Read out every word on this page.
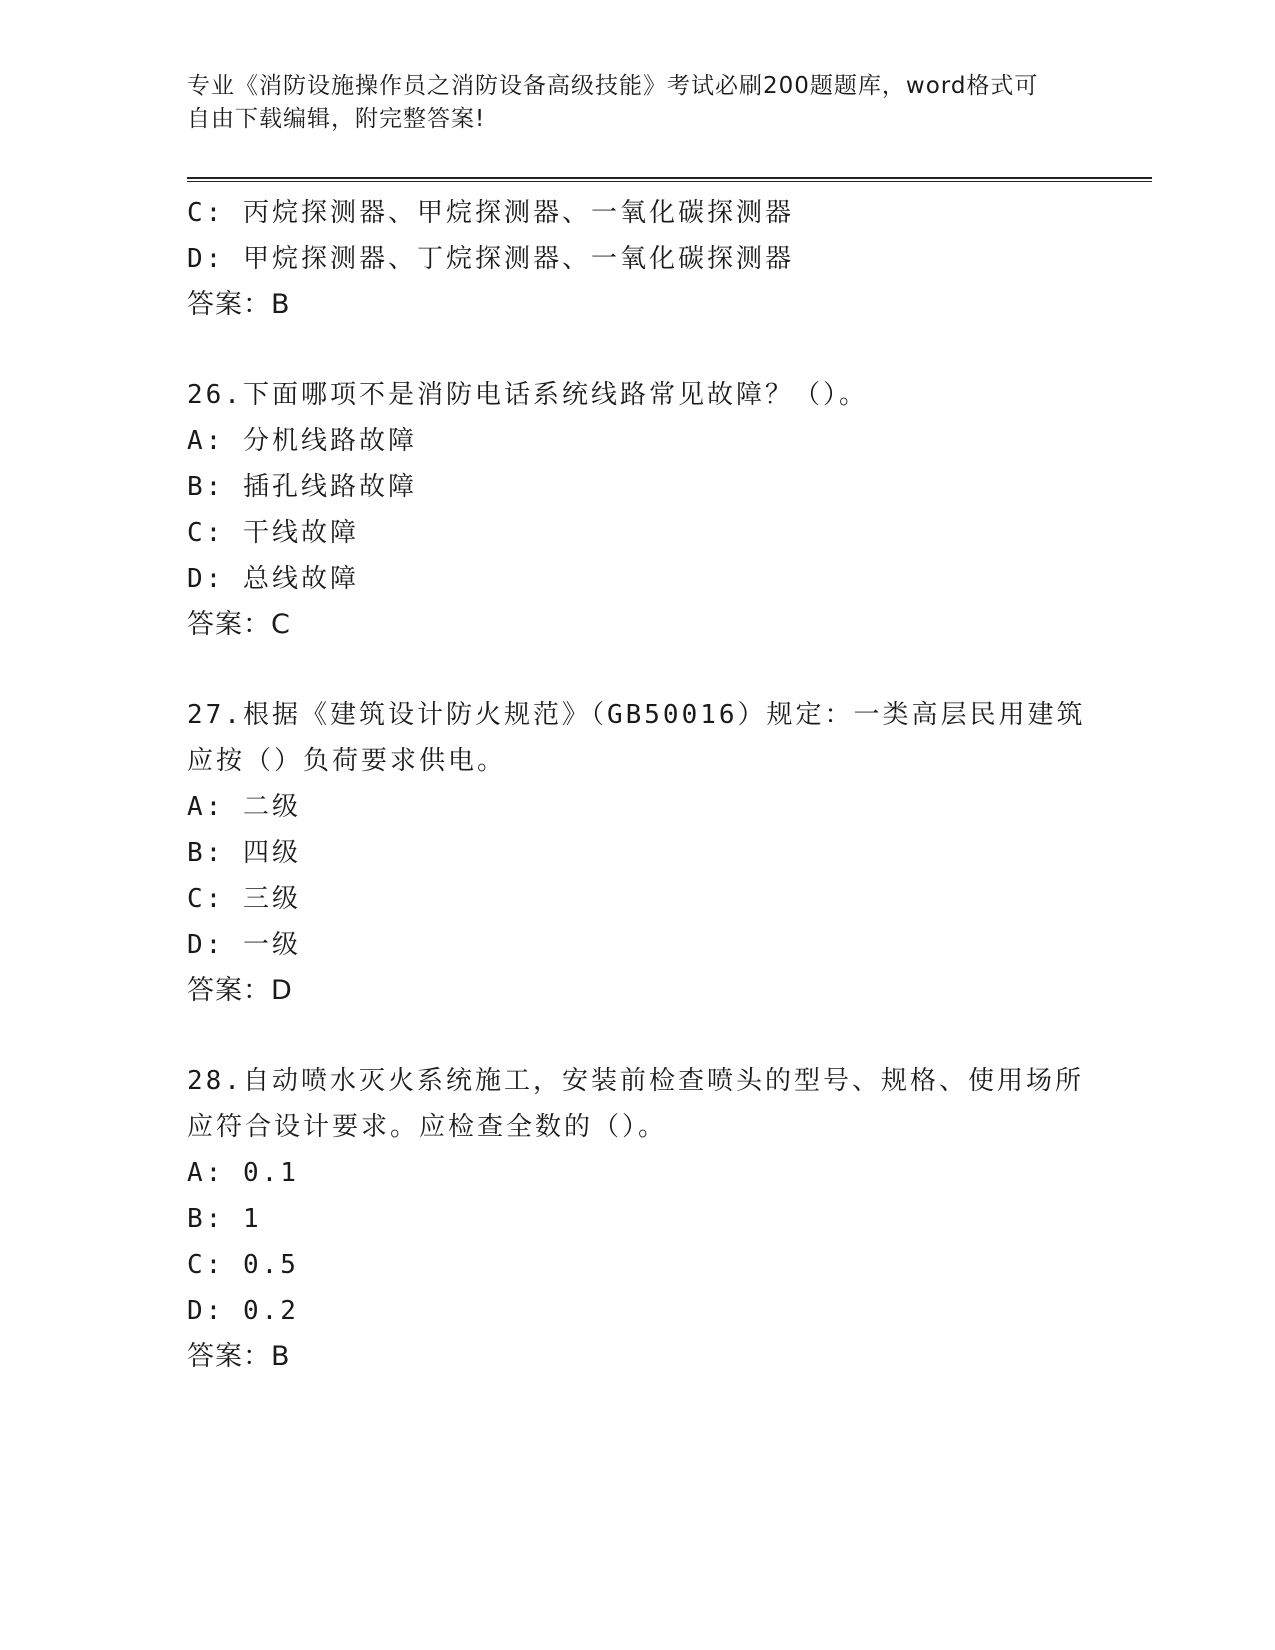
专业《消防设施操作员之消防设备高级技能》考试必刷200题题库，word格式可
自由下载编辑，附完整答案!
C: 丙烷探测器、甲烷探测器、一氧化碳探测器
D: 甲烷探测器、丁烷探测器、一氧化碳探测器
答案：B
26.下面哪项不是消防电话系统线路常见故障？（）。
A: 分机线路故障
B: 插孔线路故障
C: 干线故障
D: 总线故障
答案：C
27.根据《建筑设计防火规范》（GB50016）规定：一类高层民用建筑
应按（）负荷要求供电。
A: 二级
B: 四级
C: 三级
D: 一级
答案：D
28.自动喷水灭火系统施工，安装前检查喷头的型号、规格、使用场所
应符合设计要求。应检查全数的（）。
A: 0.1
B: 1
C: 0.5
D: 0.2
答案：B
